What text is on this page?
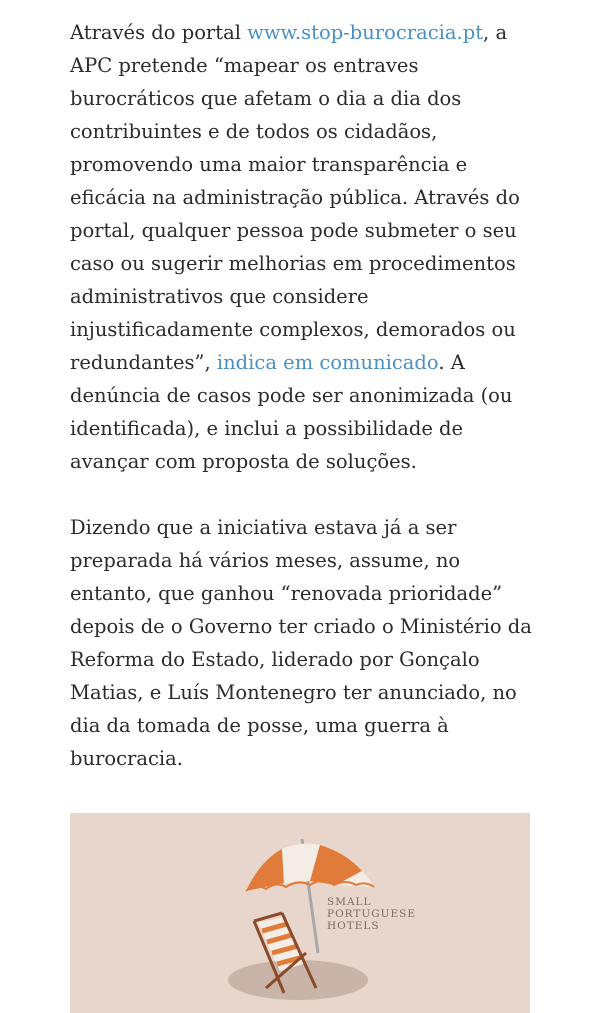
Através do portal www.stop-burocracia.pt, a APC pretende “mapear os entraves burocráticos que afetam o dia a dia dos contribuintes e de todos os cidadãos, promovendo uma maior transparência e eficácia na administração pública. Através do portal, qualquer pessoa pode submeter o seu caso ou sugerir melhorias em procedimentos administrativos que considere injustificadamente complexos, demorados ou redundantes”, indica em comunicado. A denúncia de casos pode ser anonimizada (ou identificada), e inclui a possibilidade de avançar com proposta de soluções.

Dizendo que a iniciativa estava já a ser preparada há vários meses, assume, no entanto, que ganhou “renovada prioridade” depois de o Governo ter criado o Ministério da Reforma do Estado, liderado por Gonçalo Matias, e Luís Montenegro ter anunciado, no dia da tomada de posse, uma guerra à burocracia.

SMALL
PORTUGUESE
HOTELS
